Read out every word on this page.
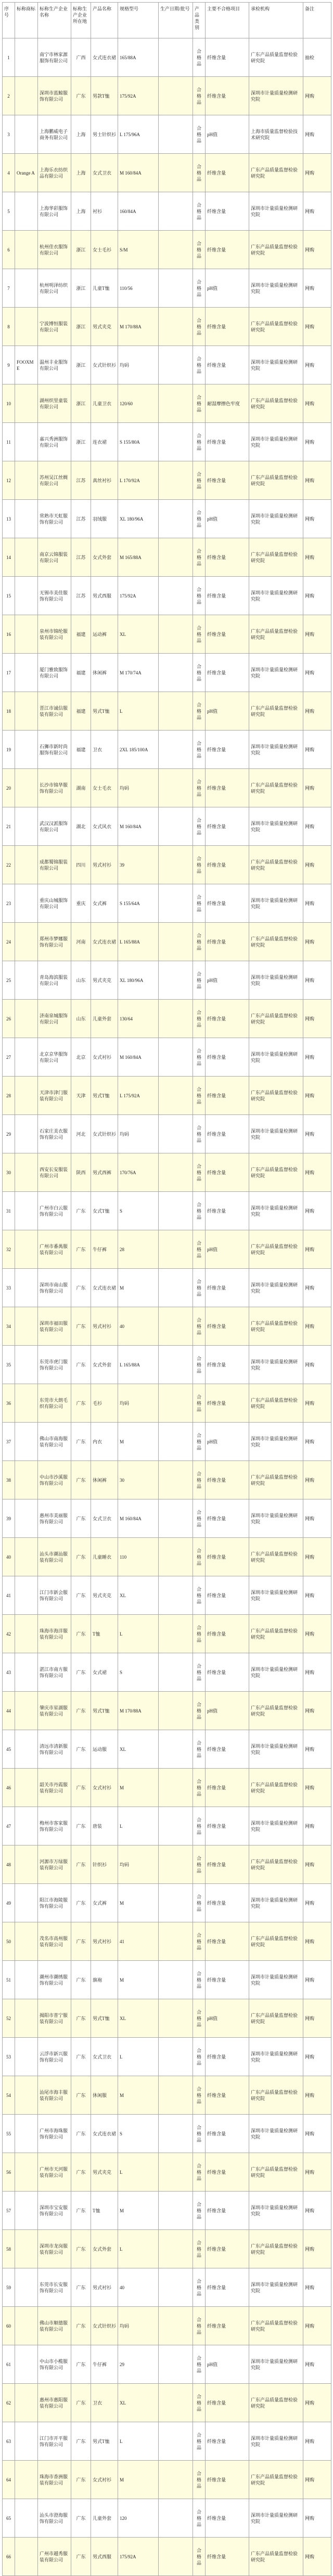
序号	标称商标	标称生产企业名称	标称生产企业所在地	产品名称	规格型号	生产日期/批号	产品类别	主要不合格项目	承检机构	备注
1		南宁市林家源服饰有限公司	广西	女式连衣裙	165/88A		合格品	纤维含量	广东产品质量监督检验研究院	抽检
2		深圳市蓝鲸服饰有限公司	广东	男款T恤	175/92A		合格品	纤维含量	深圳市计量质量检测研究院	网购
3		上海鹏威电子商务有限公司	上海	男士针织衫	L 175/96A		合格品	pH值	上海市质量监督检验技术研究院	网购
4	Orange A	上海乐衣纺织品有限公司	上海	女式卫衣	M 160/84A		合格品	纤维含量	广东产品质量监督检验研究院	网购
5		上海华彩服饰有限公司	上海	衬衫	160/84A		合格品	纤维含量	深圳市计量质量检测研究院	网购
6		杭州佳衣服饰有限公司	浙江	女士毛衫	S/M		合格品	纤维含量	广东产品质量监督检验研究院	网购
7		杭州明泽纺织有限公司	浙江	儿童T恤	110/56		合格品	pH值	深圳市计量质量检测研究院	网购
8		宁波博恒服装有限公司	浙江	男式夹克	M 170/88A		合格品	纤维含量	广东产品质量监督检验研究院	网购
9	FOOXME	温州丰业服饰有限公司	浙江	女式针织衫	均码		合格品	纤维含量	深圳市计量质量检测研究院	网购
10		湖州织里童装有限公司	浙江	儿童卫衣	120/60		合格品	耐湿摩擦色牢度	广东产品质量监督检验研究院	网购
11		嘉兴秀洲服饰有限公司	浙江	连衣裙	S 155/80A		合格品	纤维含量	深圳市计量质量检测研究院	网购
12		苏州吴江丝绸有限公司	江苏	真丝衬衫	L 170/92A		合格品	纤维含量	广东产品质量监督检验研究院	网购
13		常熟市天虹服饰有限公司	江苏	羽绒服	XL 180/96A		合格品	pH值	深圳市计量质量检测研究院	网购
14		南京云锦服装有限公司	江苏	女式外套	M 165/88A		合格品	纤维含量	广东产品质量监督检验研究院	网购
15		无锡市美佳服饰有限公司	江苏	男式西服	175/92A		合格品	纤维含量	深圳市计量质量检测研究院	网购
16		泉州市锦纶服装有限公司	福建	运动裤	XL		合格品	纤维含量	广东产品质量监督检验研究院	网购
17		厦门雅致服饰有限公司	福建	休闲裤	M 170/74A		合格品	纤维含量	深圳市计量质量检测研究院	网购
18		晋江市诚信服装有限公司	福建	男式T恤	L		合格品	pH值	广东产品质量监督检验研究院	网购
19		石狮市新时尚服饰有限公司	福建	卫衣	2XL 185/100A		合格品	纤维含量	深圳市计量质量检测研究院	网购
20		长沙市锦华服饰有限公司	湖南	女士毛衣	均码		合格品	纤维含量	广东产品质量监督检验研究院	网购
21		武汉汉派服饰有限公司	湖北	女式风衣	M 160/84A		合格品	纤维含量	深圳市计量质量检测研究院	网购
22		成都蜀锦服装有限公司	四川	男式衬衫	39		合格品	纤维含量	广东产品质量监督检验研究院	网购
23		重庆山城服饰有限公司	重庆	女式裤	S 155/64A		合格品	纤维含量	深圳市计量质量检测研究院	网购
24		郑州市梦娜服饰有限公司	河南	女式连衣裙	L 165/88A		合格品	纤维含量	广东产品质量监督检验研究院	网购
25		青岛海滨服装有限公司	山东	男式夹克	XL 180/96A		合格品	pH值	深圳市计量质量检测研究院	网购
26		济南泉城服饰有限公司	山东	儿童外套	130/64		合格品	纤维含量	广东产品质量监督检验研究院	网购
27		北京京华服饰有限公司	北京	女式衬衫	M 160/84A		合格品	纤维含量	深圳市计量质量检测研究院	网购
28		天津市津门服装有限公司	天津	男式T恤	L 175/92A		合格品	纤维含量	广东产品质量监督检验研究院	网购
29		石家庄美衣服饰有限公司	河北	女式针织衫	均码		合格品	纤维含量	深圳市计量质量检测研究院	网购
30		西安长安服装有限公司	陕西	男式西裤	170/76A		合格品	纤维含量	广东产品质量监督检验研究院	网购
31		广州市白云服饰有限公司	广东	女式T恤	S		合格品	纤维含量	深圳市计量质量检测研究院	网购
32		广州市番禺服装有限公司	广东	牛仔裤	28		合格品	pH值	广东产品质量监督检验研究院	网购
33		深圳市南山服饰有限公司	广东	女式连衣裙	M		合格品	纤维含量	深圳市计量质量检测研究院	网购
34		深圳市福田服装有限公司	广东	男式衬衫	40		合格品	纤维含量	广东产品质量监督检验研究院	网购
35		东莞市虎门服饰有限公司	广东	女式外套	L 165/88A		合格品	纤维含量	深圳市计量质量检测研究院	网购
36		东莞市大朗毛织有限公司	广东	毛衫	均码		合格品	纤维含量	广东产品质量监督检验研究院	网购
37		佛山市南海服装有限公司	广东	内衣	M		合格品	pH值	深圳市计量质量检测研究院	网购
38		中山市沙溪服饰有限公司	广东	休闲裤	30		合格品	纤维含量	广东产品质量监督检验研究院	网购
39		惠州市美丽服饰有限公司	广东	女式卫衣	M 160/84A		合格品	纤维含量	深圳市计量质量检测研究院	网购
40		汕头市潮汕服装有限公司	广东	儿童睡衣	110		合格品	纤维含量	广东产品质量监督检验研究院	网购
41		江门市新会服饰有限公司	广东	男式夹克	XL		合格品	纤维含量	深圳市计量质量检测研究院	网购
42		珠海市海洋服装有限公司	广东	T恤	L		合格品	纤维含量	广东产品质量监督检验研究院	网购
43		湛江市南方服饰有限公司	广东	女式裙	S		合格品	纤维含量	深圳市计量质量检测研究院	网购
44		肇庆市星湖服装有限公司	广东	男式T恤	M 170/88A		合格品	pH值	广东产品质量监督检验研究院	网购
45		清远市清新服饰有限公司	广东	运动服	XL		合格品	纤维含量	深圳市计量质量检测研究院	网购
46		韶关市丹霞服装有限公司	广东	女式衬衫	M		合格品	纤维含量	广东产品质量监督检验研究院	网购
47		梅州市客家服饰有限公司	广东	唐装	L		合格品	纤维含量	深圳市计量质量检测研究院	网购
48		河源市万绿服装有限公司	广东	针织衫	均码		合格品	纤维含量	广东产品质量监督检验研究院	网购
49		阳江市海陵服饰有限公司	广东	女式裤	M		合格品	纤维含量	深圳市计量质量检测研究院	网购
50		茂名市高州服装有限公司	广东	男式衬衫	41		合格品	纤维含量	广东产品质量监督检验研究院	网购
51		潮州市潮绣服饰有限公司	广东	旗袍	M		合格品	纤维含量	深圳市计量质量检测研究院	网购
52		揭阳市普宁服装有限公司	广东	男式T恤	XL		合格品	pH值	广东产品质量监督检验研究院	网购
53		云浮市新兴服饰有限公司	广东	女式卫衣	L		合格品	纤维含量	深圳市计量质量检测研究院	网购
54		汕尾市海丰服装有限公司	广东	休闲服	M		合格品	纤维含量	广东产品质量监督检验研究院	网购
55		广州市海珠服饰有限公司	广东	女式连衣裙	S		合格品	纤维含量	深圳市计量质量检测研究院	网购
56		广州市天河服装有限公司	广东	男式夹克	L		合格品	纤维含量	广东产品质量监督检验研究院	网购
57		深圳市宝安服饰有限公司	广东	T恤	M		合格品	纤维含量	深圳市计量质量检测研究院	网购
58		深圳市龙岗服装有限公司	广东	女式外套	L		合格品	纤维含量	广东产品质量监督检验研究院	网购
59		东莞市长安服饰有限公司	广东	男式衬衫	40		合格品	纤维含量	深圳市计量质量检测研究院	网购
60		佛山市顺德服装有限公司	广东	女式针织衫	均码		合格品	纤维含量	广东产品质量监督检验研究院	网购
61		中山市小榄服饰有限公司	广东	牛仔裤	29		合格品	pH值	深圳市计量质量检测研究院	网购
62		惠州市惠阳服装有限公司	广东	卫衣	XL		合格品	纤维含量	广东产品质量监督检验研究院	网购
63		江门市开平服饰有限公司	广东	男式T恤	L		合格品	纤维含量	深圳市计量质量检测研究院	网购
64		珠海市香洲服装有限公司	广东	女式衬衫	M		合格品	纤维含量	广东产品质量监督检验研究院	网购
65		汕头市澄海服饰有限公司	广东	儿童外套	120		合格品	纤维含量	深圳市计量质量检测研究院	网购
66		广州市越秀服装有限公司	广东	男式西服	175/92A		合格品	纤维含量	广东产品质量监督检验研究院	网购
